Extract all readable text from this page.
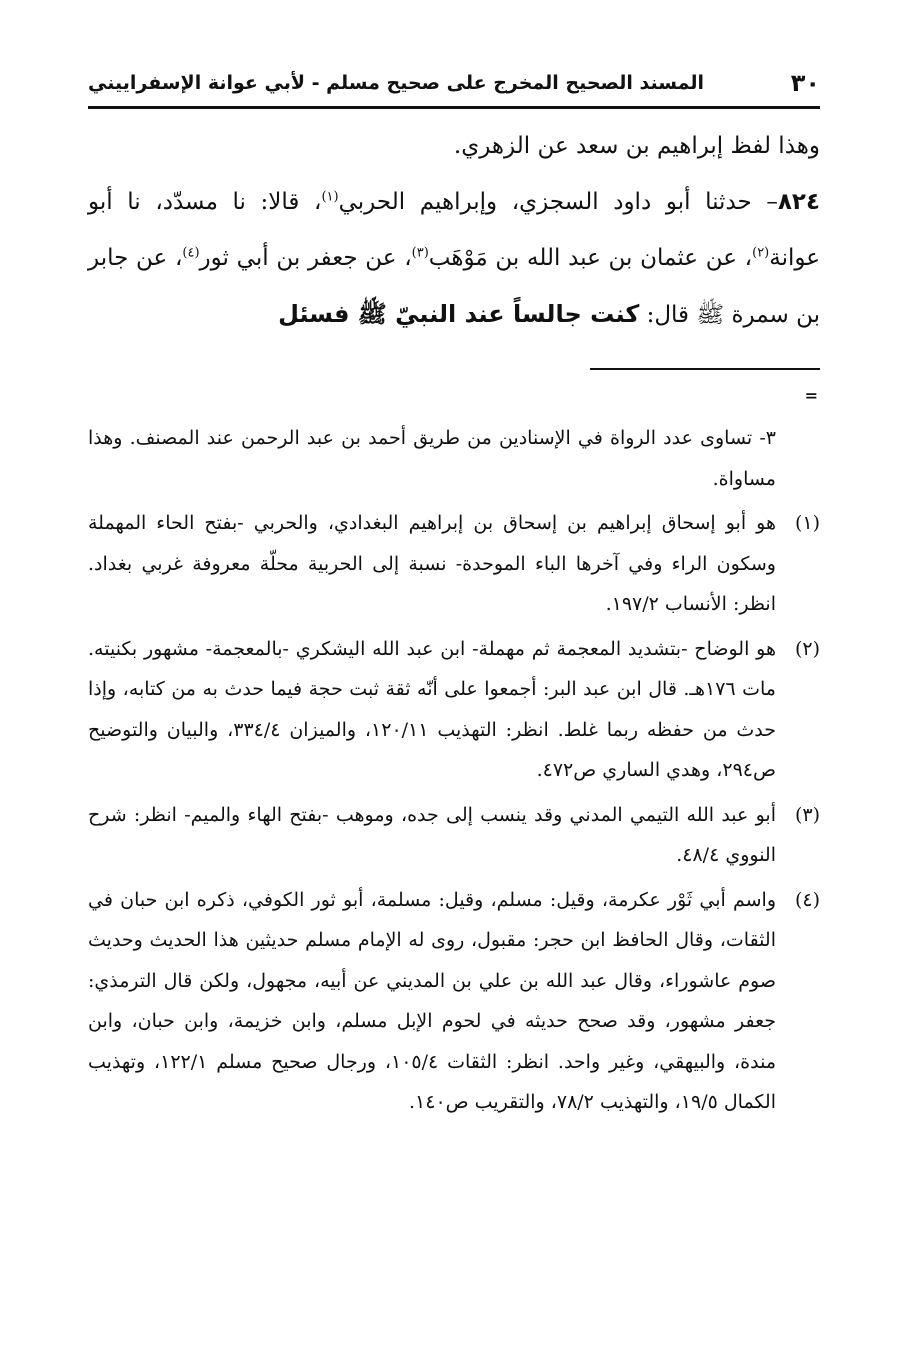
٣٠
المسند الصحيح المخرج على صحيح مسلم - لأبي عوانة الإسفراييني

وهذا لفظ إبراهيم بن سعد عن الزهري.

٨٢٤– حدثنا أبو داود السجزي، وإبراهيم الحربي$^{(١)}$، قالا: نا مسدّد، نا أبو عوانة$^{(٢)}$، عن عثمان بن عبد الله بن مَوْهَب$^{(٣)}$، عن جعفر بن أبي ثور$^{(٤)}$، عن جابر بن سمرة ﷺ قال: كنت جالساً عند النبيّ ﷺ فسئل

=

٣- تساوى عدد الرواة في الإسنادين من طريق أحمد بن عبد الرحمن عند المصنف. وهذا مساواة.

(١)
هو أبو إسحاق إبراهيم بن إسحاق بن إبراهيم البغدادي، والحربي -بفتح الحاء المهملة وسكون الراء وفي آخرها الباء الموحدة- نسبة إلى الحربية محلّة معروفة غربي بغداد. انظر: الأنساب ١٩٧/٢.

(٢)
هو الوضاح -بتشديد المعجمة ثم مهملة- ابن عبد الله اليشكري -بالمعجمة- مشهور بكنيته. مات ١٧٦هـ. قال ابن عبد البر: أجمعوا على أنّه ثقة ثبت حجة فيما حدث به من كتابه، وإذا حدث من حفظه ربما غلط. انظر: التهذيب ١٢٠/١١، والميزان ٣٣٤/٤، والبيان والتوضيح ص٢٩٤، وهدي الساري ص٤٧٢.

(٣)
أبو عبد الله التيمي المدني وقد ينسب إلى جده، وموهب -بفتح الهاء والميم- انظر: شرح النووي ٤٨/٤.

(٤)
واسم أبي ثَوْر عكرمة، وقيل: مسلم، وقيل: مسلمة، أبو ثور الكوفي، ذكره ابن حبان في الثقات، وقال الحافظ ابن حجر: مقبول، روى له الإمام مسلم حديثين هذا الحديث وحديث صوم عاشوراء، وقال عبد الله بن علي بن المديني عن أبيه، مجهول، ولكن قال الترمذي: جعفر مشهور، وقد صحح حديثه في لحوم الإبل مسلم، وابن خزيمة، وابن حبان، وابن مندة، والبيهقي، وغير واحد. انظر: الثقات ١٠٥/٤، ورجال صحيح مسلم ١٢٢/١، وتهذيب الكمال ١٩/٥، والتهذيب ٧٨/٢، والتقريب ص١٤٠.
